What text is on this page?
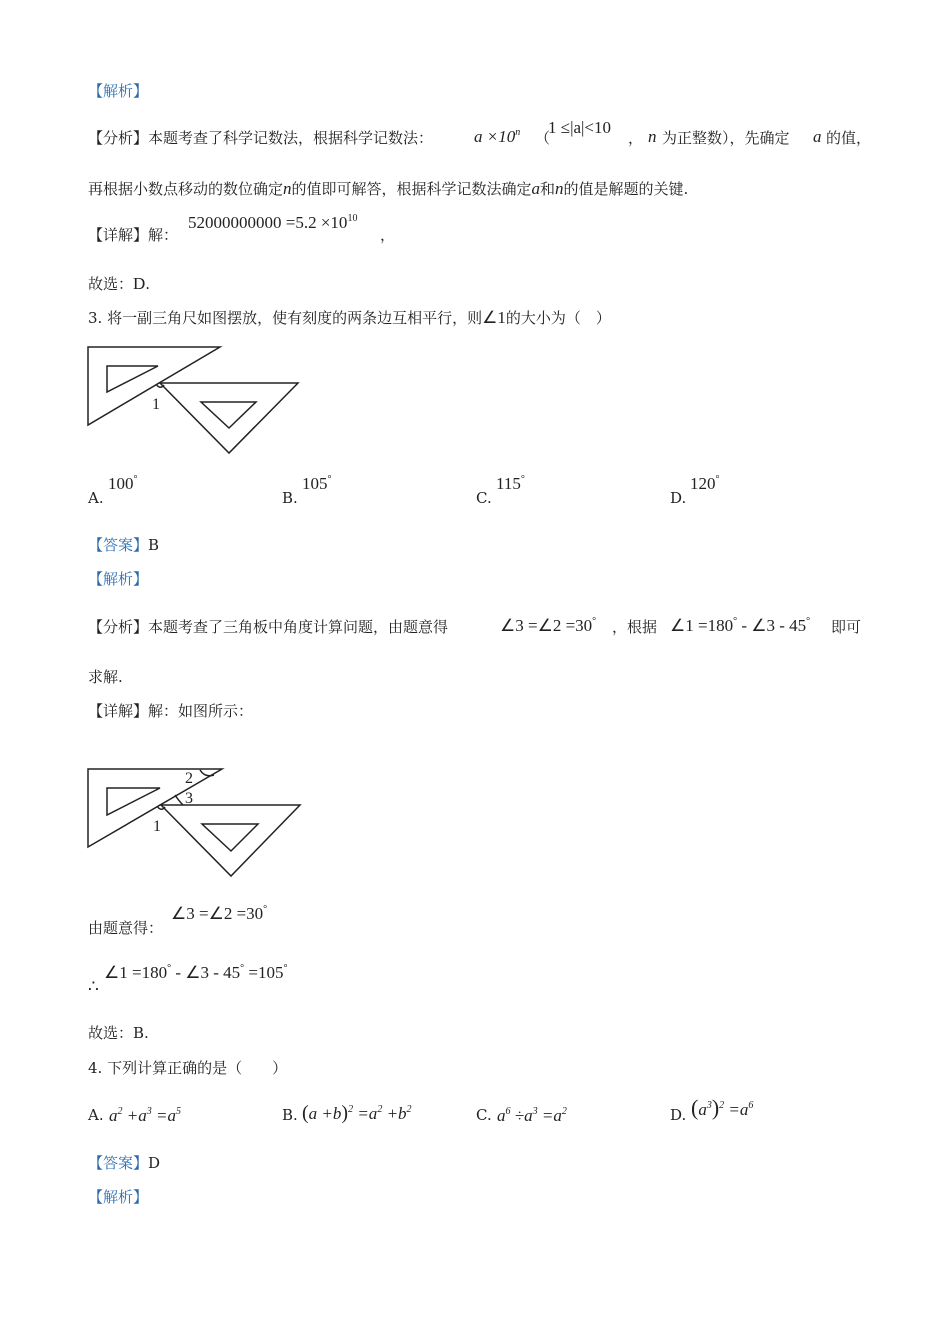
【解析】
【分析】本题考查了科学记数法，根据科学记数法： $a \times 10^n$ （
1 ≤|a|<10
， n 为正整数），先确定 a 的值，
再根据小数点移动的数位确定n的值即可解答，根据科学记数法确定a和n的值是解题的关键.
【详解】解：
$52000000000 =5.2 \times 10^{10}$
，
故选：D.
3. 将一副三角尺如图摆放，使有刻度的两条边互相平行，则∠1的大小为（　）
1
A.
100°
B.
105°
C.
115°
D.
120°
【答案】B
【解析】
【分析】本题考查了三角板中角度计算问题，由题意得	∠3 =∠2 =30° ，根据 ∠1 =180° - ∠3 - 45° 即可
求解.
【详解】解：如图所示：
1
2
3
由题意得：
∠3 =∠2 =30°
∴
∠1 =180° - ∠3 - 45° =105°
故选：B.
4. 下列计算正确的是（　　）
A. $a^2 +a^3 =a^5$	B. $(a +b)^2 =a^2 +b^2$	C. $a^6 \div a^3 =a^2$	D. $(a^3)^2 =a^6$
【答案】D
【解析】
